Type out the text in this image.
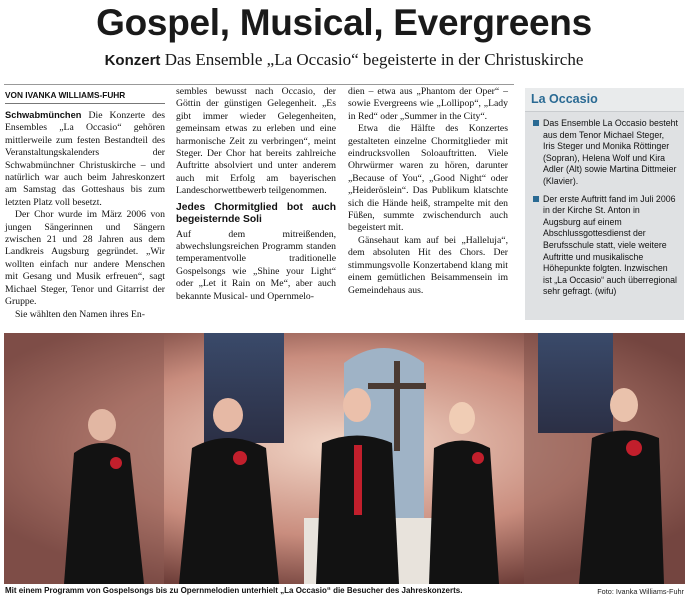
Gospel, Musical, Evergreens
Konzert Das Ensemble „La Occasio“ begeisterte in der Christuskirche
VON IVANKA WILLIAMS-FUHR

Schwabmünchen Die Konzerte des Ensembles „La Occasio“ gehören mittlerweile zum festen Bestandteil des Veranstaltungskalenders der Schwabmünchner Christuskirche – und natürlich war auch beim Jahreskonzert am Samstag das Gotteshaus bis zum letzten Platz voll besetzt.

Der Chor wurde im März 2006 von jungen Sängerinnen und Sängern zwischen 21 und 28 Jahren aus dem Landkreis Augsburg gegründet. „Wir wollten einfach nur andere Menschen mit Gesang und Musik erfreuen“, sagt Michael Steger, Tenor und Gitarrist der Gruppe.

Sie wählten den Namen ihres En-

sembles bewusst nach Occasio, der Göttin der günstigen Gelegenheit. „Es gibt immer wieder Gelegenheiten, gemeinsam etwas zu erleben und eine harmonische Zeit zu verbringen“, meint Steger. Der Chor hat bereits zahlreiche Auftritte absolviert und unter anderem auch mit Erfolg am bayerischen Landeschorwettbewerb teilgenommen.

Jedes Chormitglied bot auch begeisternde Soli

Auf dem mitreißenden, abwechslungsreichen Programm standen temperamentvolle traditionelle Gospelsongs wie „Shine your Light“ oder „Let it Rain on Me“, aber auch bekannte Musical- und Opernmelo-

dien – etwa aus „Phantom der Oper“ – sowie Evergreens wie „Lollipop“, „Lady in Red“ oder „Summer in the City“.

Etwa die Hälfte des Konzertes gestalteten einzelne Chormitglieder mit eindrucksvollen Soloauftritten. Viele Ohrwürmer waren zu hören, darunter „Because of You“, „Good Night“ oder „Heideröslein“. Das Publikum klatschte sich die Hände heiß, strampelte mit den Füßen, summte zwischendurch auch begeistert mit.

Gänsehaut kam auf bei „Halleluja“, dem absoluten Hit des Chors. Der stimmungsvolle Konzertabend klang mit einem gemütlichen Beisammensein im Gemeindehaus aus.

La Occasio
Das Ensemble La Occasio besteht aus dem Tenor Michael Steger, Iris Steger und Monika Röttinger (Sopran), Helena Wolf und Kira Adler (Alt) sowie Martina Dittmeier (Klavier).
Der erste Auftritt fand im Juli 2006 in der Kirche St. Anton in Augsburg auf einem Abschlussgottesdienst der Berufsschule statt, viele weitere Auftritte und musikalische Höhepunkte folgten. Inzwischen ist „La Occasio“ auch überregional sehr gefragt. (wifu)
Mit einem Programm von Gospelsongs bis zu Opernmelodien unterhielt „La Occasio“ die Besucher des Jahreskonzerts.	Foto: Ivanka Williams-Fuhr
